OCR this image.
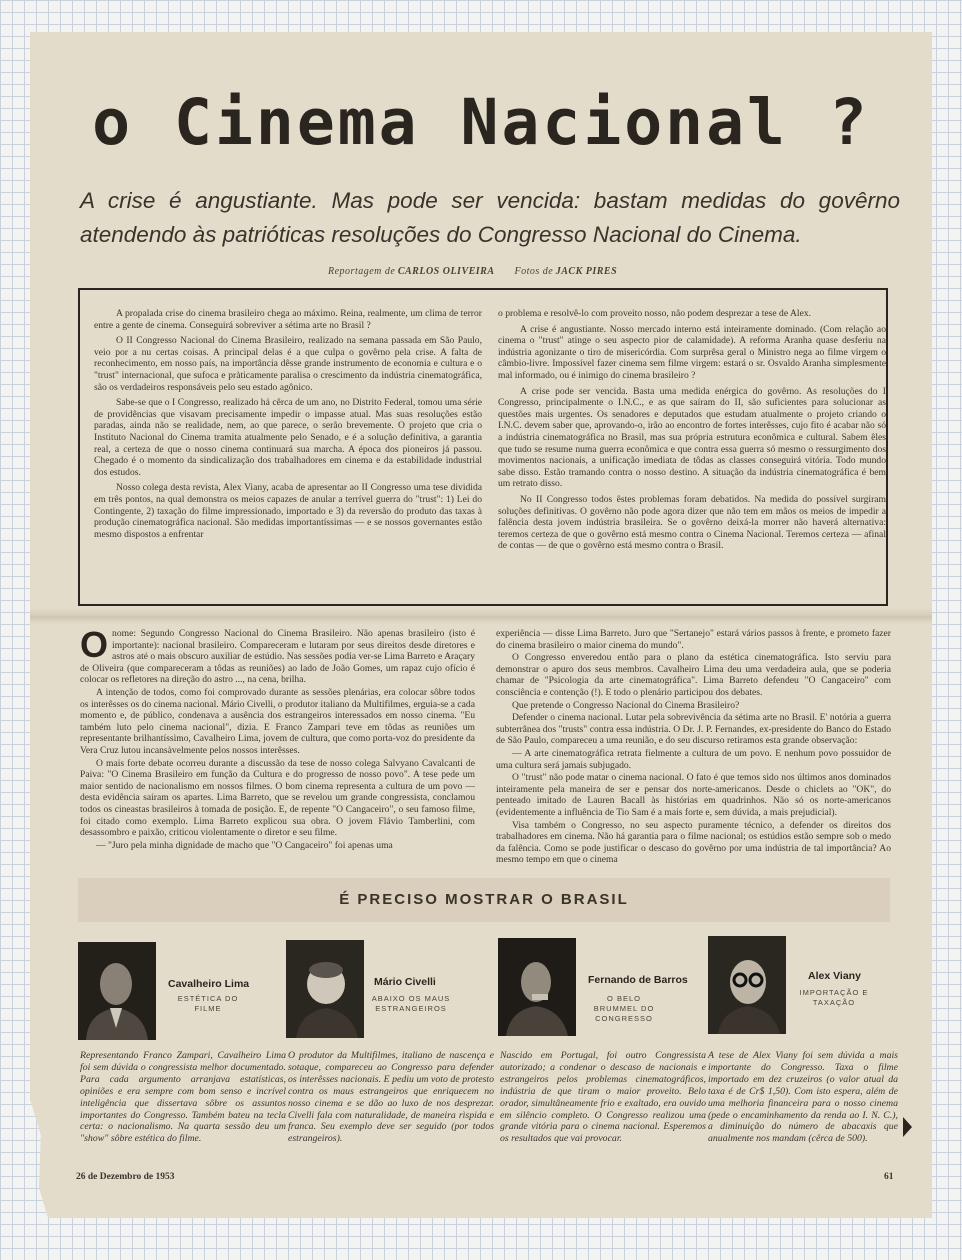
o Cinema Nacional ?

A crise é angustiante. Mas pode ser vencida: bastam medidas do govêrno atendendo às patrióticas resoluções do Congresso Nacional do Cinema.

Reportagem de CARLOS OLIVEIRA Fotos de JACK PIRES

A propalada crise do cinema brasileiro chega ao máximo. Reina, realmente, um clima de terror entre a gente de cinema. Conseguirá sobreviver a sétima arte no Brasil ?

O II Congresso Nacional do Cinema Brasileiro, realizado na semana passada em São Paulo, veio por a nu certas coisas. A principal delas é a que culpa o govêrno pela crise. A falta de reconhecimento, em nosso país, na importância dêsse grande instrumento de economia e cultura e o "trust" internacional, que sufoca e pràticamente paralisa o crescimento da indústria cinematográfica, são os verdadeiros responsáveis pelo seu estado agônico.

Sabe-se que o I Congresso, realizado há cêrca de um ano, no Distrito Federal, tomou uma série de providências que visavam precisamente impedir o impasse atual. Mas suas resoluções estão paradas, ainda não se realidade, nem, ao que parece, o serão brevemente. O projeto que cria o Instituto Nacional do Cinema tramita atualmente pelo Senado, e é a solução definitiva, a garantia real, a certeza de que o nosso cinema continuará sua marcha. A época dos pioneiros já passou. Chegado é o momento da sindicalização dos trabalhadores em cinema e da estabilidade industrial dos estudos.

Nosso colega desta revista, Alex Viany, acaba de apresentar ao II Congresso uma tese dividida em três pontos, na qual demonstra os meios capazes de anular a terrível guerra do "trust": 1) Lei do Contingente, 2) taxação do filme impressionado, importado e 3) da reversão do produto das taxas à produção cinematográfica nacional. São medidas importantíssimas — e se nossos governantes estão mesmo dispostos a enfrentar

o problema e resolvê-lo com proveito nosso, não podem desprezar a tese de Alex.

A crise é angustiante. Nosso mercado interno está inteiramente dominado. (Com relação ao cinema o "trust" atinge o seu aspecto pior de calamidade). A reforma Aranha quase desferiu na indústria agonizante o tiro de misericórdia. Com surprêsa geral o Ministro nega ao filme virgem o câmbio-livre. Impossível fazer cinema sem filme virgem: estará o sr. Osvaldo Aranha simplesmente mal informado, ou é inimigo do cinema brasileiro ?

A crise pode ser vencida. Basta uma medida enérgica do govêrno. As resoluções do I Congresso, principalmente o I.N.C., e as que saíram do II, são suficientes para solucionar as questões mais urgentes. Os senadores e deputados que estudam atualmente o projeto criando o I.N.C. devem saber que, aprovando-o, irão ao encontro de fortes interêsses, cujo fito é acabar não só a indústria cinematográfica no Brasil, mas sua própria estrutura econômica e cultural. Sabem êles que tudo se resume numa guerra econômica e que contra essa guerra só mesmo o ressurgimento dos movimentos nacionais, a unificação imediata de tôdas as classes conseguirá vitória. Todo mundo sabe disso. Estão tramando contra o nosso destino. A situação da indústria cinematográfica é bem um retrato disso.

No II Congresso todos êstes problemas foram debatidos. Na medida do possível surgiram soluções definitivas. O govêrno não pode agora dizer que não tem em mãos os meios de impedir a falência desta jovem indústria brasileira. Se o govêrno deixá-la morrer não haverá alternativa: teremos certeza de que o govêrno está mesmo contra o Cinema Nacional. Teremos certeza — afinal de contas — de que o govêrno está mesmo contra o Brasil.

O nome: Segundo Congresso Nacional do Cinema Brasileiro. Não apenas brasileiro (isto é importante): nacional brasileiro. Compareceram e lutaram por seus direitos desde diretores e astros até o mais obscuro auxiliar de estúdio. Nas sessões podia ver-se Lima Barreto e Araçary de Oliveira (que compareceram a tôdas as reuniões) ao lado de João Gomes, um rapaz cujo ofício é colocar os refletores na direção do astro ..., na cena, brilha.

A intenção de todos, como foi comprovado durante as sessões plenárias, era colocar sôbre todos os interêsses os do cinema nacional. Mário Civelli, o produtor italiano da Multifilmes, erguia-se a cada momento e, de público, condenava a ausência dos estrangeiros interessados em nosso cinema. "Eu também luto pelo cinema nacional", dizia. E Franco Zampari teve em tôdas as reuniões um representante brilhantíssimo, Cavalheiro Lima, jovem de cultura, que como porta-voz do presidente da Vera Cruz lutou incansàvelmente pelos nossos interêsses.

O mais forte debate ocorreu durante a discussão da tese de nosso colega Salvyano Cavalcanti de Paiva: "O Cinema Brasileiro em função da Cultura e do progresso de nosso povo". A tese pede um maior sentido de nacionalismo em nossos filmes. O bom cinema representa a cultura de um povo — desta evidência saíram os apartes. Lima Barreto, que se revelou um grande congressista, conclamou todos os cineastas brasileiros à tomada de posição. E, de repente "O Cangaceiro", o seu famoso filme, foi citado como exemplo. Lima Barreto explicou sua obra. O jovem Flávio Tamberlini, com desassombro e paixão, criticou violentamente o diretor e seu filme.

— "Juro pela minha dignidade de macho que "O Cangaceiro" foi apenas uma

experiência — disse Lima Barreto. Juro que "Sertanejo" estará vários passos à frente, e prometo fazer do cinema brasileiro o maior cinema do mundo".

O Congresso enveredou então para o plano da estética cinematográfica. Isto serviu para demonstrar o apuro dos seus membros. Cavalheiro Lima deu uma verdadeira aula, que se poderia chamar de "Psicologia da arte cinematográfica". Lima Barreto defendeu "O Cangaceiro" com consciência e contenção (!). E todo o plenário participou dos debates.

Que pretende o Congresso Nacional do Cinema Brasileiro?

Defender o cinema nacional. Lutar pela sobrevivência da sétima arte no Brasil. E' notória a guerra subterrânea dos "trusts" contra essa indústria. O Dr. J. P. Fernandes, ex-presidente do Banco do Estado de São Paulo, compareceu a uma reunião, e do seu discurso retiramos esta grande observação:

— A arte cinematográfica retrata fielmente a cultura de um povo. E nenhum povo possuidor de uma cultura será jamais subjugado.

O "trust" não pode matar o cinema nacional. O fato é que temos sido nos últimos anos dominados inteiramente pela maneira de ser e pensar dos norte-americanos. Desde o chiclets ao "OK", do penteado imitado de Lauren Bacall às histórias em quadrinhos. Não só os norte-americanos (evidentemente a influência de Tio Sam é a mais forte e, sem dúvida, a mais prejudicial).

Visa também o Congresso, no seu aspecto puramente técnico, a defender os direitos dos trabalhadores em cinema. Não há garantia para o filme nacional; os estúdios estão sempre sob o medo da falência. Como se pode justificar o descaso do govêrno por uma indústria de tal importância? Ao mesmo tempo em que o cinema

É PRECISO MOSTRAR O BRASIL
Cavalheiro Lima
ESTÉTICA DO FILME

Representando Franco Zampari, Cavalheiro Lima foi sem dúvida o congressista melhor documentado. Para cada argumento arranjava estatísticas, opiniões e era sempre com bom senso e incrível inteligência que dissertava sôbre os assuntos importantes do Congresso. Também bateu na tecla certa: o nacionalismo. Na quarta sessão deu um "show" sôbre estética do filme.

Mário Civelli
ABAIXO OS MAUS ESTRANGEIROS

O produtor da Multifilmes, italiano de nascença e sotaque, compareceu ao Congresso para defender os interêsses nacionais. E pediu um voto de protesto contra os maus estrangeiros que enriquecem no nosso cinema e se dão ao luxo de nos desprezar. Civelli fala com naturalidade, de maneira rìspida e franca. Seu exemplo deve ser seguido (por todos estrangeiros).

Fernando de Barros
O BELO BRUMMEL DO CONGRESSO

Nascido em Portugal, foi outro Congressista autorizado; a condenar o descaso de nacionais e estrangeiros pelos problemas cinematográficos, indústria de que tiram o maior proveito. Belo orador, simultâneamente frio e exaltado, era ouvido em silêncio completo. O Congresso realizou uma grande vitória para o cinema nacional. Esperemos os resultados que vai provocar.

Alex Viany
IMPORTAÇÃO E TAXAÇÃO

A tese de Alex Viany foi sem dúvida a mais importante do Congresso. Taxa o filme importado em dez cruzeiros (o valor atual da taxa é de Cr$ 1,50). Com isto espera, além de uma melhoria financeira para o nosso cinema (pede o encaminhamento da renda ao I. N. C.), a diminuição do número de abacaxis que anualmente nos mandam (cêrca de 500).

26 de Dezembro de 1953	61
